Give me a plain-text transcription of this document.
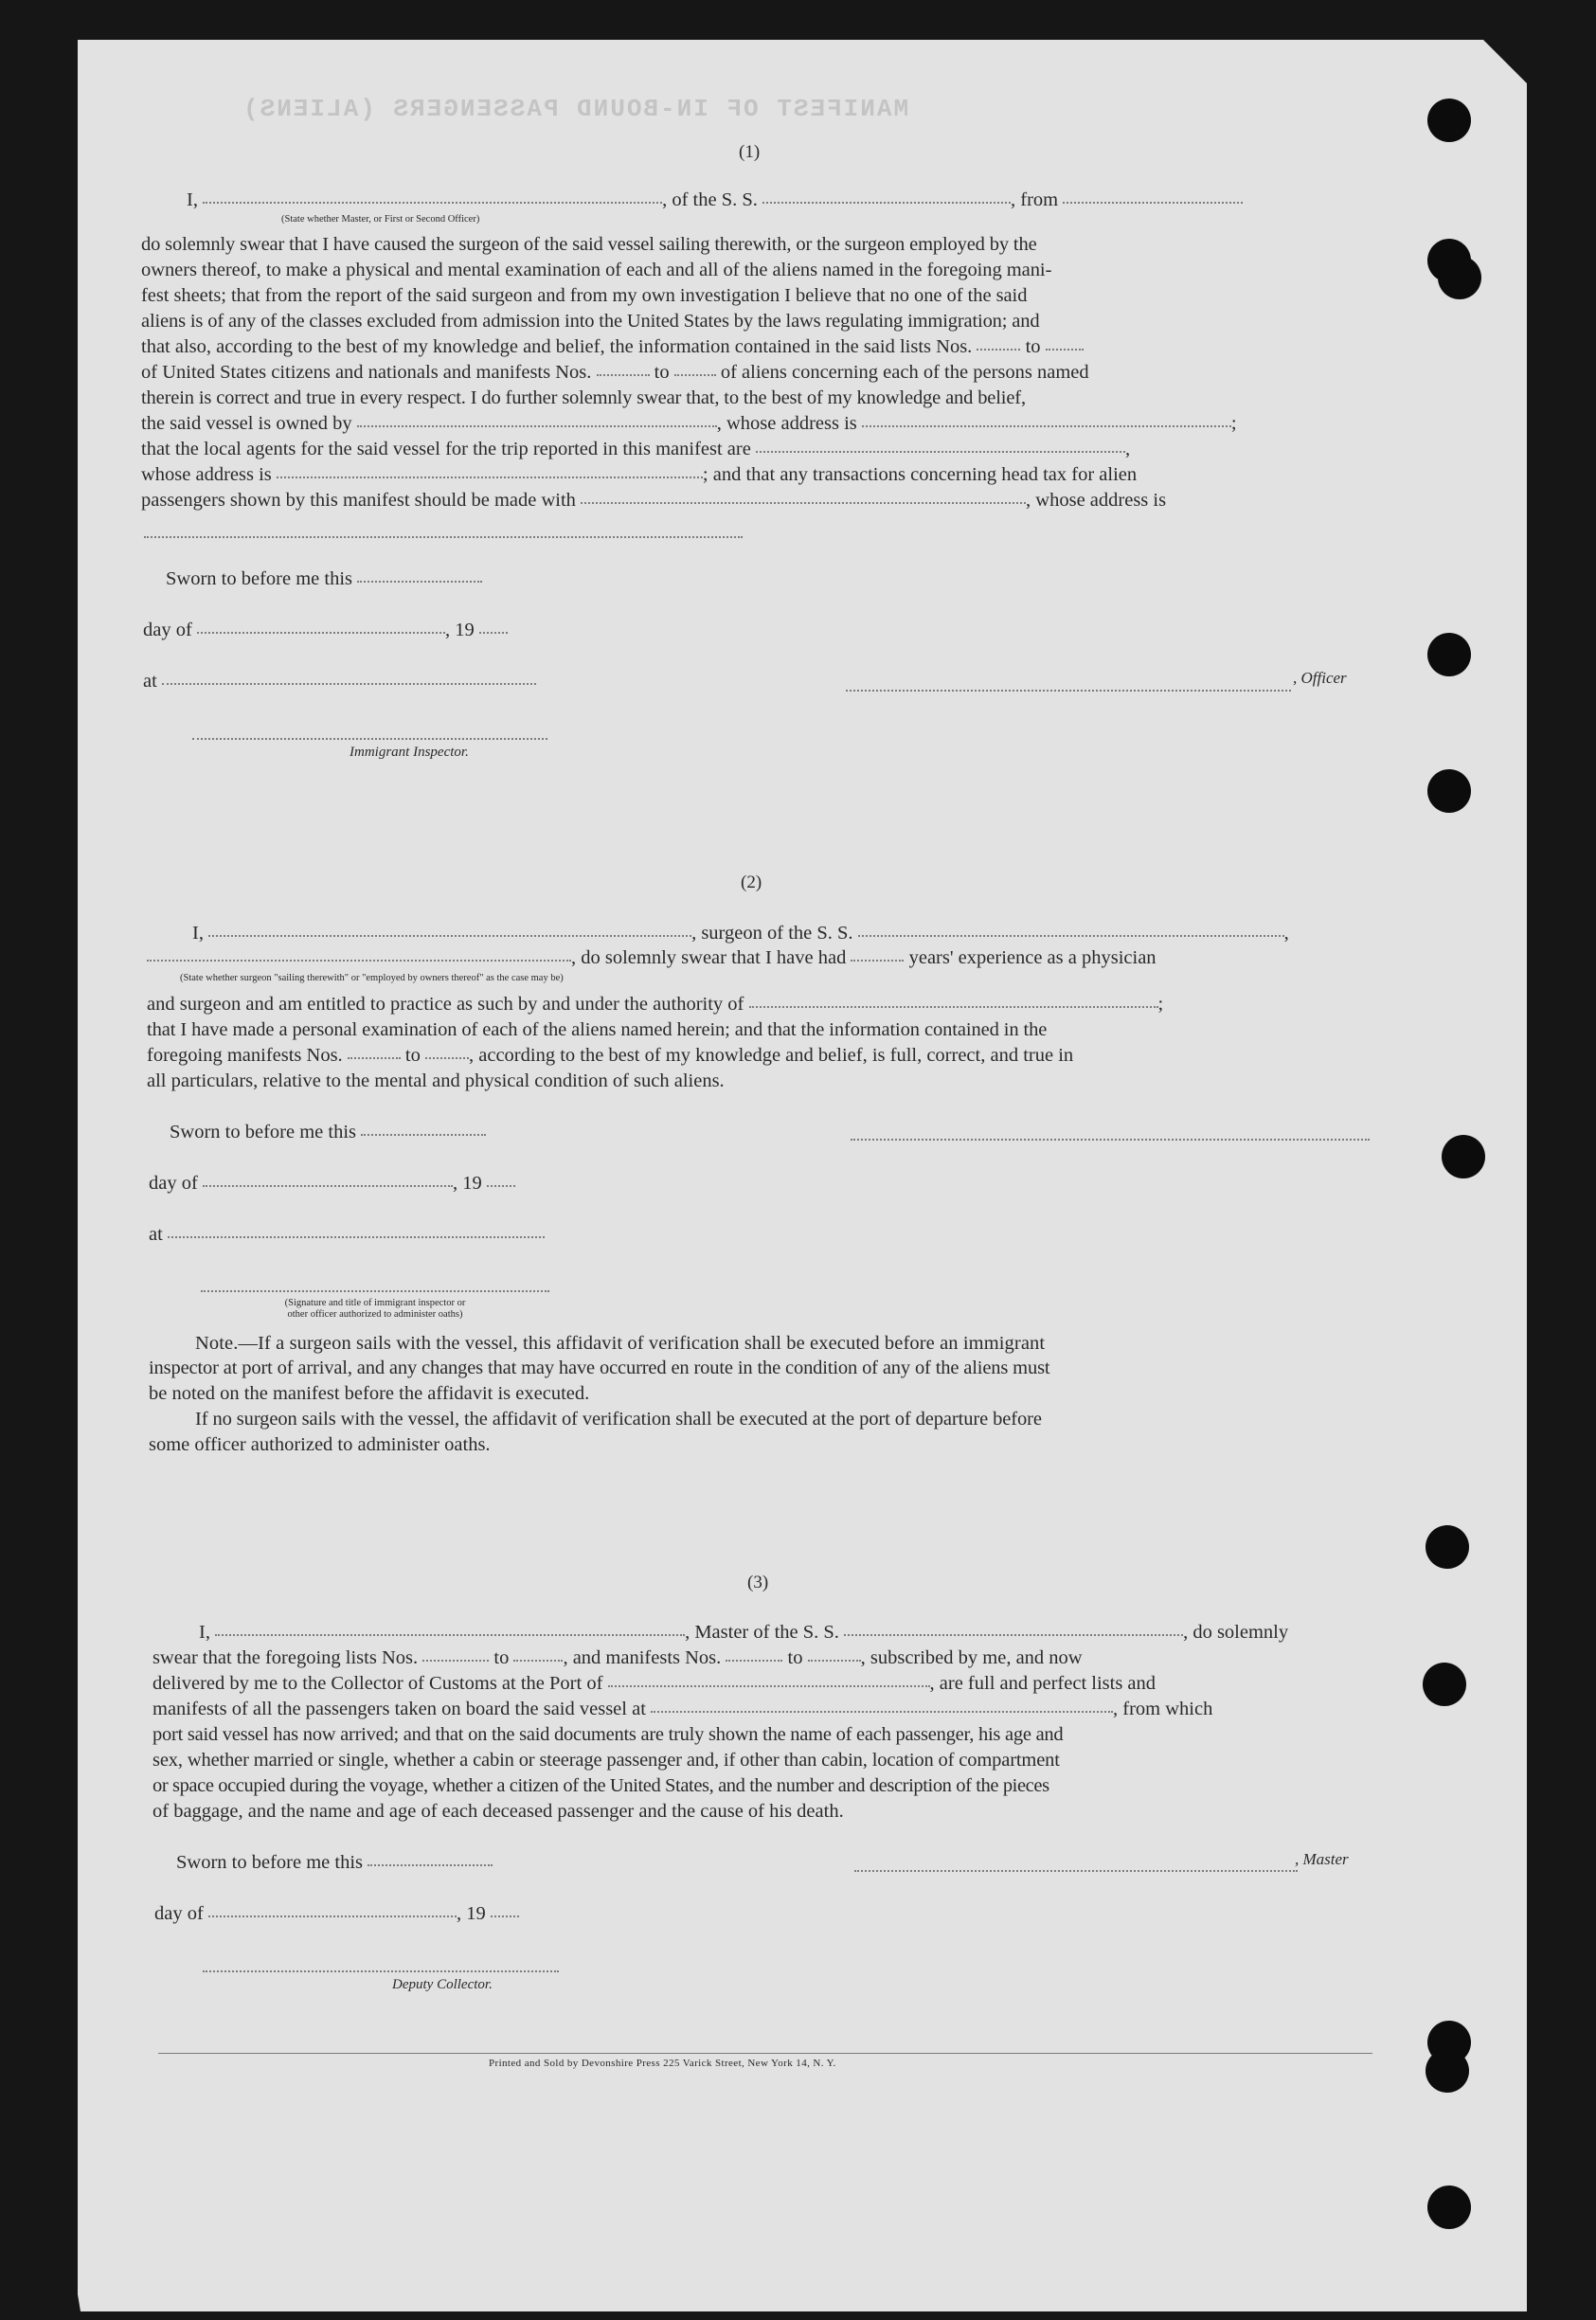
MANIFEST OF IN-BOUND PASSENGERS (ALIENS)
(1)
I,	, of the S. S.	, from
(State whether Master, or First or Second Officer)
do solemnly swear that I have caused the surgeon of the said vessel sailing therewith, or the surgeon employed by the
owners thereof, to make a physical and mental examination of each and all of the aliens named in the foregoing mani-
fest sheets; that from the report of the said surgeon and from my own investigation I believe that no one of the said
aliens is of any of the classes excluded from admission into the United States by the laws regulating immigration; and
that also, according to the best of my knowledge and belief, the information contained in the said lists Nos.	to
of United States citizens and nationals and manifests Nos.	to	of aliens concerning each of the persons named
therein is correct and true in every respect. I do further solemnly swear that, to the best of my knowledge and belief,
the said vessel is owned by	, whose address is	;
that the local agents for the said vessel for the trip reported in this manifest are	,
whose address is	; and that any transactions concerning head tax for alien
passengers shown by this manifest should be made with	, whose address is
Sworn to before me this
day of	, 19
at	, Officer
Immigrant Inspector.
(2)
I,	, surgeon of the S. S.	,
, do solemnly swear that I have had	years' experience as a physician
(State whether surgeon "sailing therewith" or "employed by owners thereof" as the case may be)
and surgeon and am entitled to practice as such by and under the authority of	;
that I have made a personal examination of each of the aliens named herein; and that the information contained in the
foregoing manifests Nos.	to , according to the best of my knowledge and belief, is full, correct, and true in
all particulars, relative to the mental and physical condition of such aliens.
Sworn to before me this
day of	, 19
at
(Signature and title of immigrant inspector or
other officer authorized to administer oaths)
Note.—If a surgeon sails with the vessel, this affidavit of verification shall be executed before an immigrant
inspector at port of arrival, and any changes that may have occurred en route in the condition of any of the aliens must
be noted on the manifest before the affidavit is executed.
If no surgeon sails with the vessel, the affidavit of verification shall be executed at the port of departure before
some officer authorized to administer oaths.
(3)
I,	, Master of the S. S.	, do solemnly
swear that the foregoing lists Nos.	to	, and manifests Nos.	to	, subscribed by me, and now
delivered by me to the Collector of Customs at the Port of	, are full and perfect lists and
manifests of all the passengers taken on board the said vessel at	, from which
port said vessel has now arrived; and that on the said documents are truly shown the name of each passenger, his age and
sex, whether married or single, whether a cabin or steerage passenger and, if other than cabin, location of compartment
or space occupied during the voyage, whether a citizen of the United States, and the number and description of the pieces
of baggage, and the name and age of each deceased passenger and the cause of his death.
Sworn to before me this	, Master
day of	, 19
Deputy Collector.
Printed and Sold by Devonshire Press 225 Varick Street, New York 14, N. Y.
